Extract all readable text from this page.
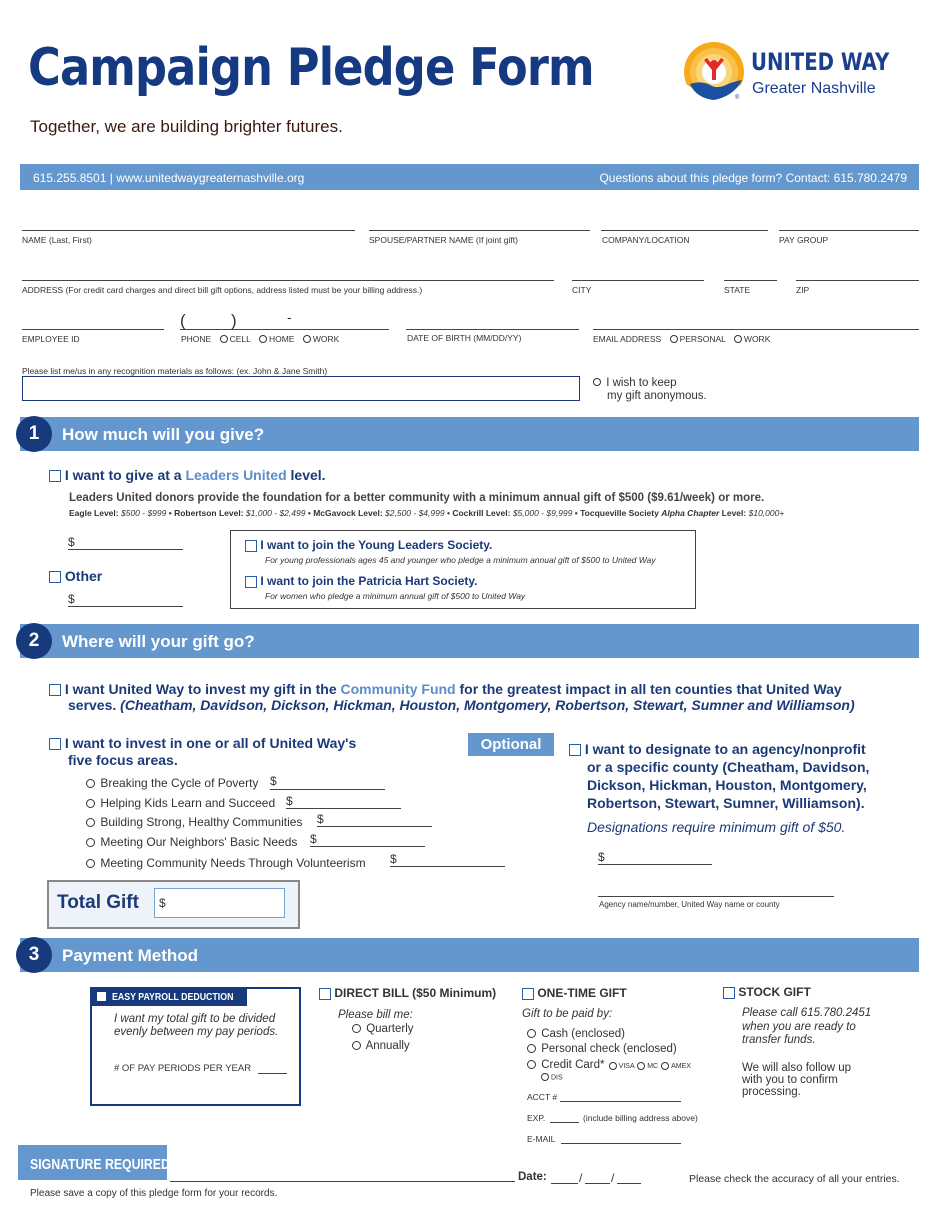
Campaign Pledge Form
Together, we are building brighter futures.
UNITED WAY
Greater Nashville
®
615.255.8501 | www.unitedwaygreaternashville.org	Questions about this pledge form? Contact: 615.780.2479
NAME (Last, First)	SPOUSE/PARTNER NAME (If joint gift)	COMPANY/LOCATION	PAY GROUP
ADDRESS (For credit card charges and direct bill gift options, address listed must be your billing address.)	CITY	STATE	ZIP
EMPLOYEE ID
(	)	-
PHONE CELL HOME WORK	DATE OF BIRTH (MM/DD/YY)	EMAIL ADDRESS PERSONAL WORK
Please list me/us in any recognition materials as follows: (ex. John & Jane Smith)
I wish to keep
my gift anonymous.
How much will you give?
1
I want to give at a Leaders United level.
Leaders United donors provide the foundation for a better community with a minimum annual gift of $500 ($9.61/week) or more.
Eagle Level: $500 - $999 • Robertson Level: $1,000 - $2,499 • McGavock Level: $2,500 - $4,999 • Cockrill Level: $5,000 - $9,999 • Tocqueville Society Alpha Chapter Level: $10,000+
$
Other
$
I want to join the Young Leaders Society.
For young professionals ages 45 and younger who pledge a minimum annual gift of $500 to United Way
I want to join the Patricia Hart Society.
For women who pledge a minimum annual gift of $500 to United Way
Where will your gift go?
2
I want United Way to invest my gift in the Community Fund for the greatest impact in all ten counties that United Way
serves. (Cheatham, Davidson, Dickson, Hickman, Houston, Montgomery, Robertson, Stewart, Sumner and Williamson)
I want to invest in one or all of United Way's
five focus areas.
Breaking the Cycle of Poverty $
Helping Kids Learn and Succeed $
Building Strong, Healthy Communities $
Meeting Our Neighbors' Basic Needs $
Meeting Community Needs Through Volunteerism $
Optional	I want to designate to an agency/nonprofit
or a specific county (Cheatham, Davidson,
Dickson, Hickman, Houston, Montgomery,
Robertson, Stewart, Sumner, Williamson).
Designations require minimum gift of $50.
$
Agency name/number, United Way name or county
Total Gift $
Payment Method
3
EASY PAYROLL DEDUCTION
I want my total gift to be divided
evenly between my pay periods.
# OF PAY PERIODS PER YEAR
DIRECT BILL ($50 Minimum)
Please bill me:
Quarterly
Annually
ONE-TIME GIFT
Gift to be paid by:
Cash (enclosed)
Personal check (enclosed)
Credit Card* VISA MC AMEX
DIS
ACCT #
EXP.	(include billing address above)
E-MAIL
STOCK GIFT
Please call 615.780.2451
when you are ready to
transfer funds.
We will also follow up
with you to confirm
processing.
SIGNATURE REQUIRED:
Date:	/ /	Please check the accuracy of all your entries.
Please save a copy of this pledge form for your records.
